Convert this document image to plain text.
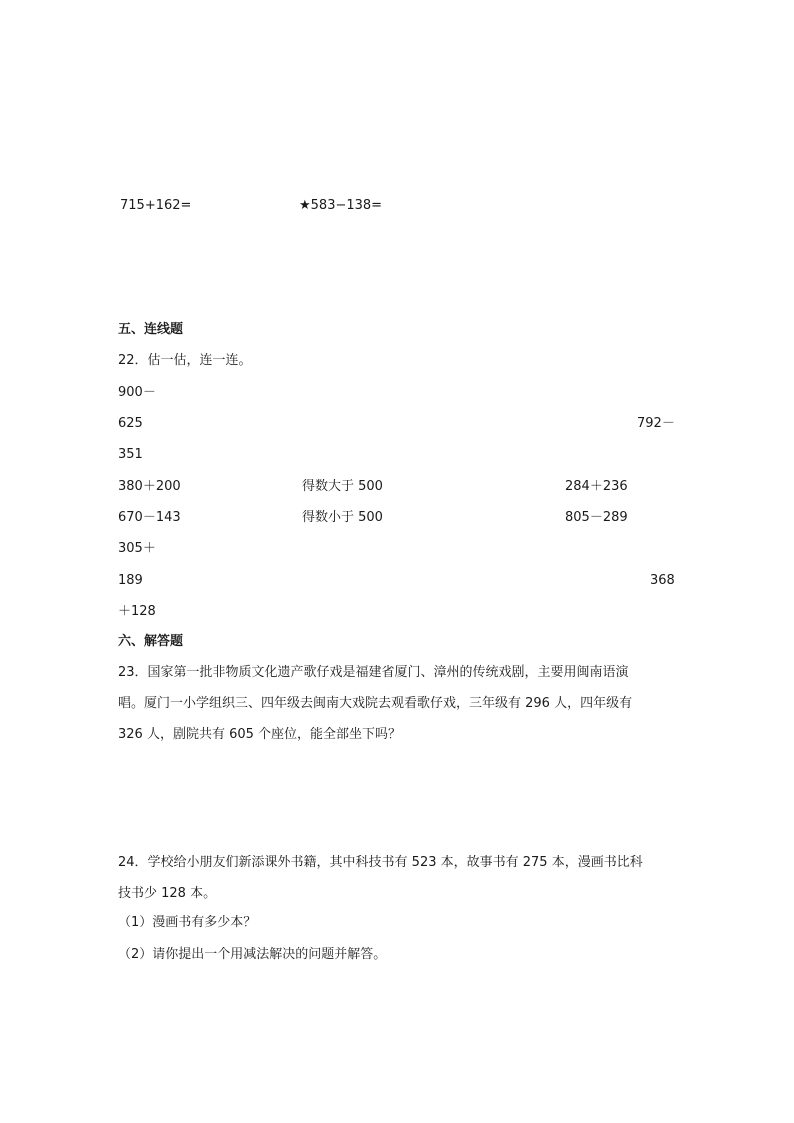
715+162=	★583−138=
五、连线题
22．估一估，连一连。
900－
625	792－
351
380＋200	得数大于 500	284＋236
670－143	得数小于 500	805－289
305＋
189	368
＋128
六、解答题
23．国家第一批非物质文化遗产歌仔戏是福建省厦门、漳州的传统戏剧，主要用闽南语演
唱。厦门一小学组织三、四年级去闽南大戏院去观看歌仔戏，三年级有 296 人，四年级有
326 人，剧院共有 605 个座位，能全部坐下吗？
24．学校给小朋友们新添课外书籍，其中科技书有 523 本，故事书有 275 本，漫画书比科
技书少 128 本。
（1）漫画书有多少本？
（2）请你提出一个用减法解决的问题并解答。
